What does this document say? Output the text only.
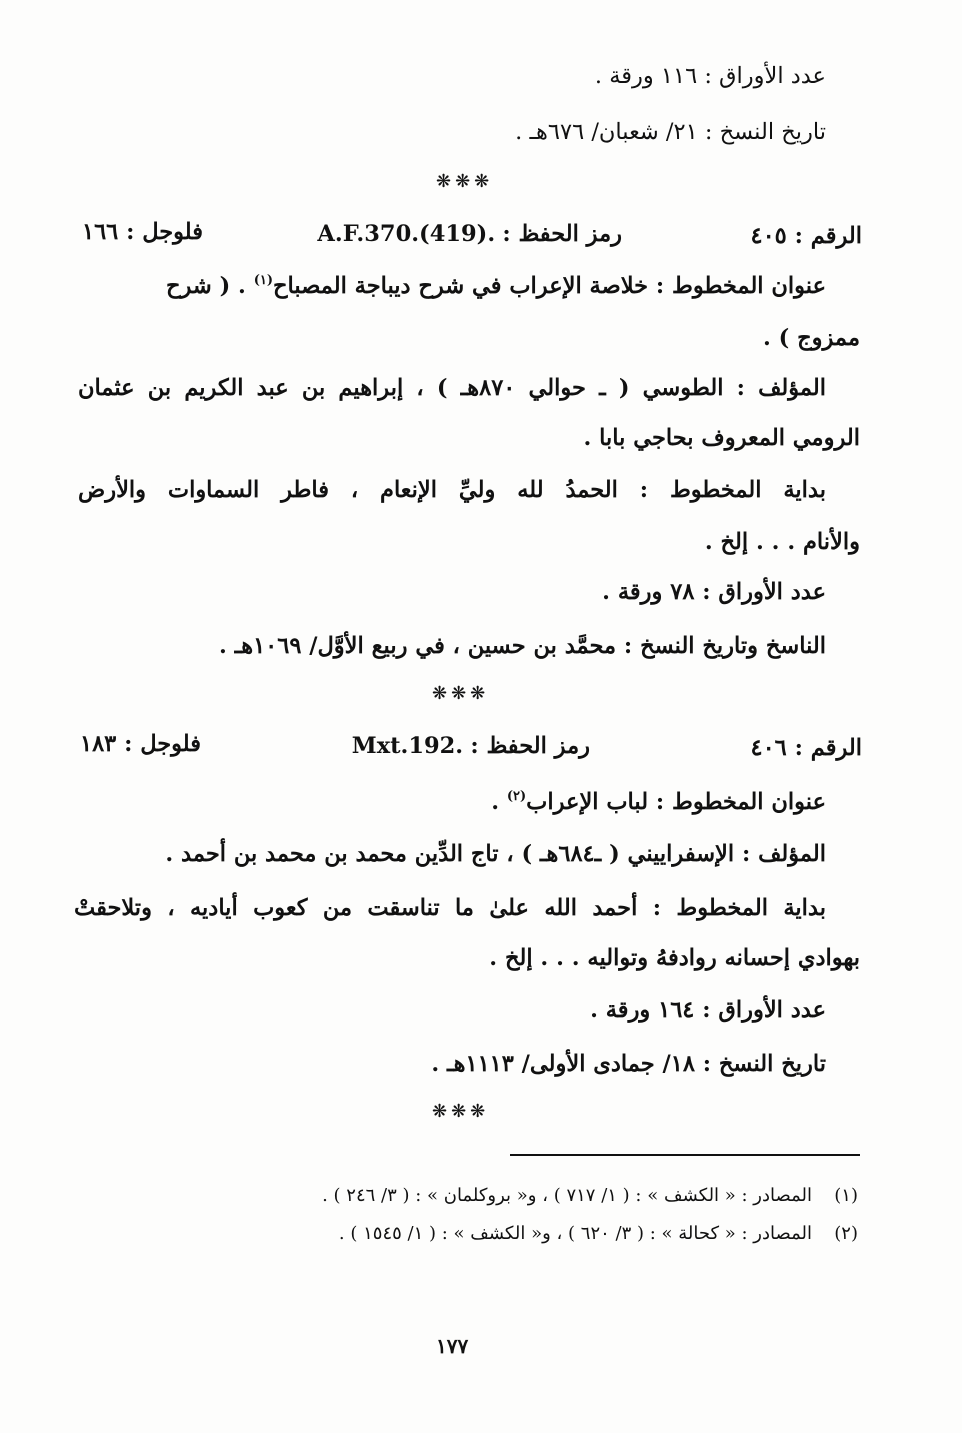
عدد الأوراق : ١١٦ ورقة .
تاريخ النسخ : ٢١/ شعبان/ ٦٧٦هـ .
❋❋❋
الرقم : ٤٠٥
رمز الحفظ : A.F.370.(419).
فلوجل : ١٦٦
عنوان المخطوط : خلاصة الإعراب في شرح ديباجة المصباح$^{(١)}$ . ( شرح
ممزوج ) .
المؤلف : الطوسي ( ـ حوالي ٨٧٠هـ ) ، إبراهيم بن عبد الكريم بن عثمان
الرومي المعروف بحاجي بابا .
بداية المخطوط : الحمدُ لله وليِّ الإنعام ، فاطر السماوات والأرض
والأنام . . . إلخ .
عدد الأوراق : ٧٨ ورقة .
الناسخ وتاريخ النسخ : محمَّد بن حسين ، في ربيع الأوَّل/ ١٠٦٩هـ .
❋❋❋
الرقم : ٤٠٦
رمز الحفظ : Mxt.192.
فلوجل : ١٨٣
عنوان المخطوط : لباب الإعراب$^{(٢)}$ .
المؤلف : الإسفراييني ( ـ٦٨٤هـ ) ، تاج الدِّين محمد بن محمد بن أحمد .
بداية المخطوط : أحمد الله علىٰ ما تناسقت من كعوب أياديه ، وتلاحقتْ
بهوادي إحسانه روادفهُ وتواليه . . . إلخ .
عدد الأوراق : ١٦٤ ورقة .
تاريخ النسخ : ١٨/ جمادى الأولى/ ١١١٣هـ .
❋❋❋
(١)المصادر : « الكشف » : ( ١/ ٧١٧ ) ، و« بروكلمان » : ( ٣/ ٢٤٦ ) .
(٢)المصادر : « كحالة » : ( ٣/ ٦٢٠ ) ، و« الكشف » : ( ١/ ١٥٤٥ ) .
١٧٧
